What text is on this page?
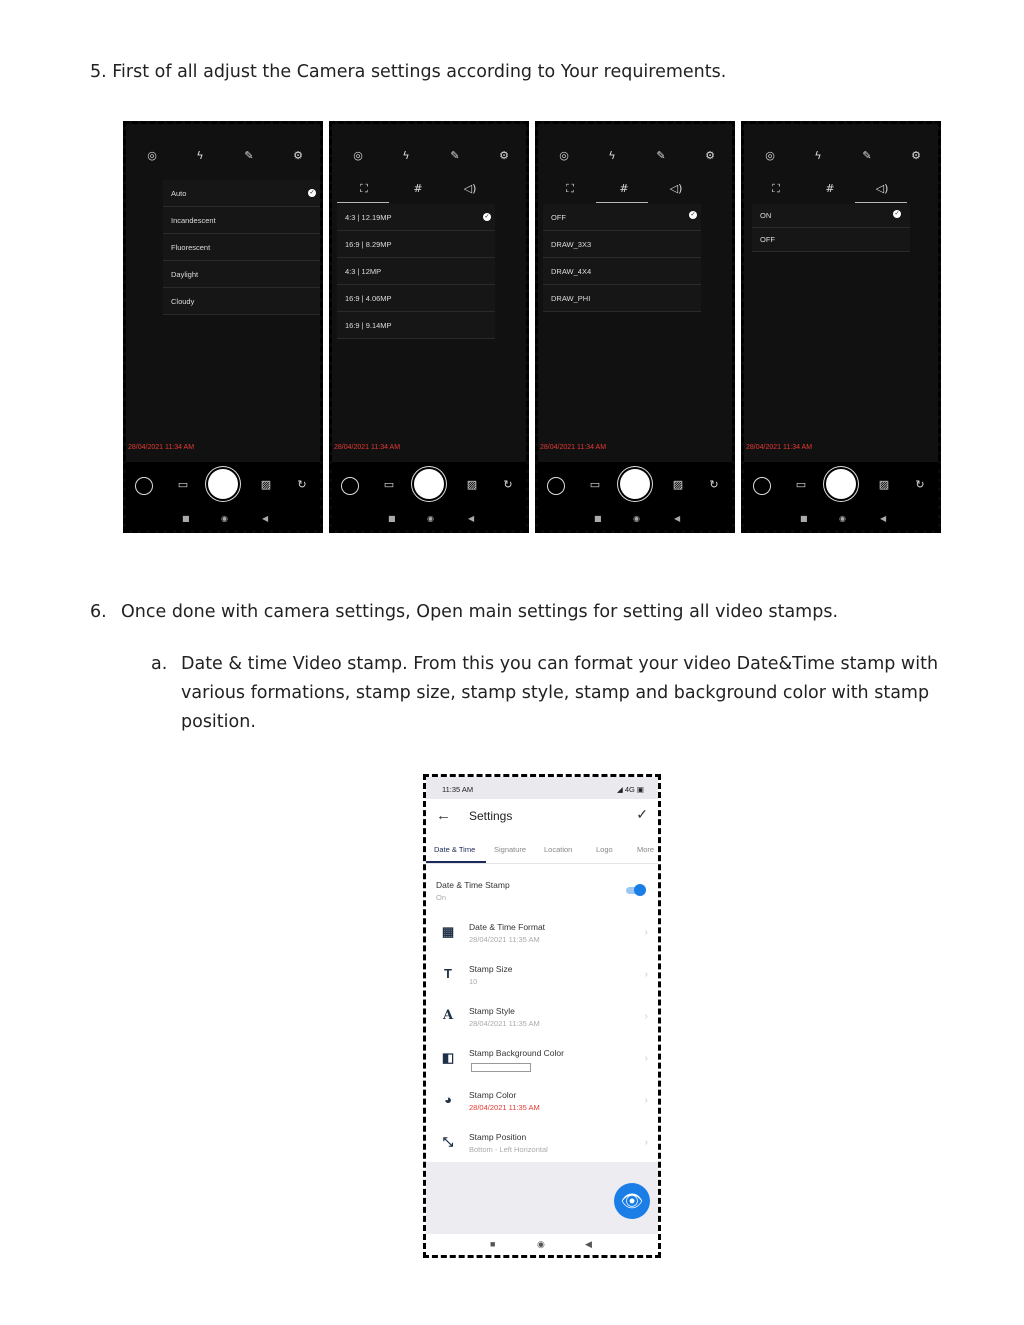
5. First of all adjust the Camera settings according to Your requirements.
◎	ϟ	✎	⚙
Auto
Incandescent
Fluorescent
Daylight
Cloudy
✓
28/04/2021 11:34 AM
▭	▨	↻
■	◉	◀
◎	ϟ	✎	⚙
⛶	#	◁)
4:3 | 12.19MP
16:9 | 8.29MP
4:3 | 12MP
16:9 | 4.06MP
16:9 | 9.14MP
✓
28/04/2021 11:34 AM
▭	▨	↻
■	◉	◀
◎	ϟ	✎	⚙
⛶	#	◁)
OFF
DRAW_3X3
DRAW_4X4
DRAW_PHI
✓
28/04/2021 11:34 AM
▭	▨	↻
■	◉	◀
◎	ϟ	✎	⚙
⛶	#	◁)
ON
OFF
✓
28/04/2021 11:34 AM
▭	▨	↻
■	◉	◀
6. Once done with camera settings, Open main settings for setting all video stamps.
a. Date & time Video stamp. From this you can format your video Date&Time stamp with
various formations, stamp size, stamp style, stamp and background color with stamp
position.
11:35 AM	◢ 4G ▣
← Settings	✓
Date & Time Signature Location	Logo	More
Date & Time Stamp
On
▦ Date & Time Format
28/04/2021 11:35 AM
›
T	Stamp Size
10
›
A	Stamp Style
28/04/2021 11:35 AM
›
◧ Stamp Background Color	›
◕	Stamp Color
28/04/2021 11:35 AM
›
⤡	Stamp Position
Bottom - Left Horizontal
›
👁
■	◉	◀
